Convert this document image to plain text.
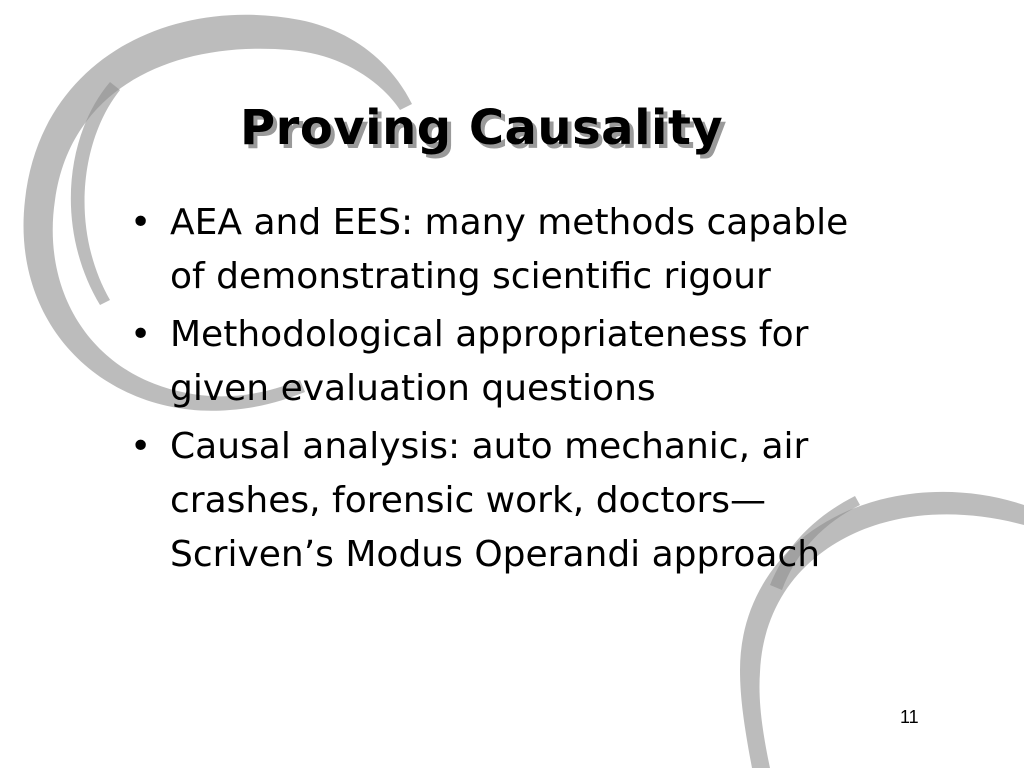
Proving Causality
• AEA and EES: many methods capable
of demonstrating scientific rigour
• Methodological appropriateness for
given evaluation questions
• Causal analysis: auto mechanic, air
crashes, forensic work, doctors—
Scriven’s Modus Operandi approach
11
